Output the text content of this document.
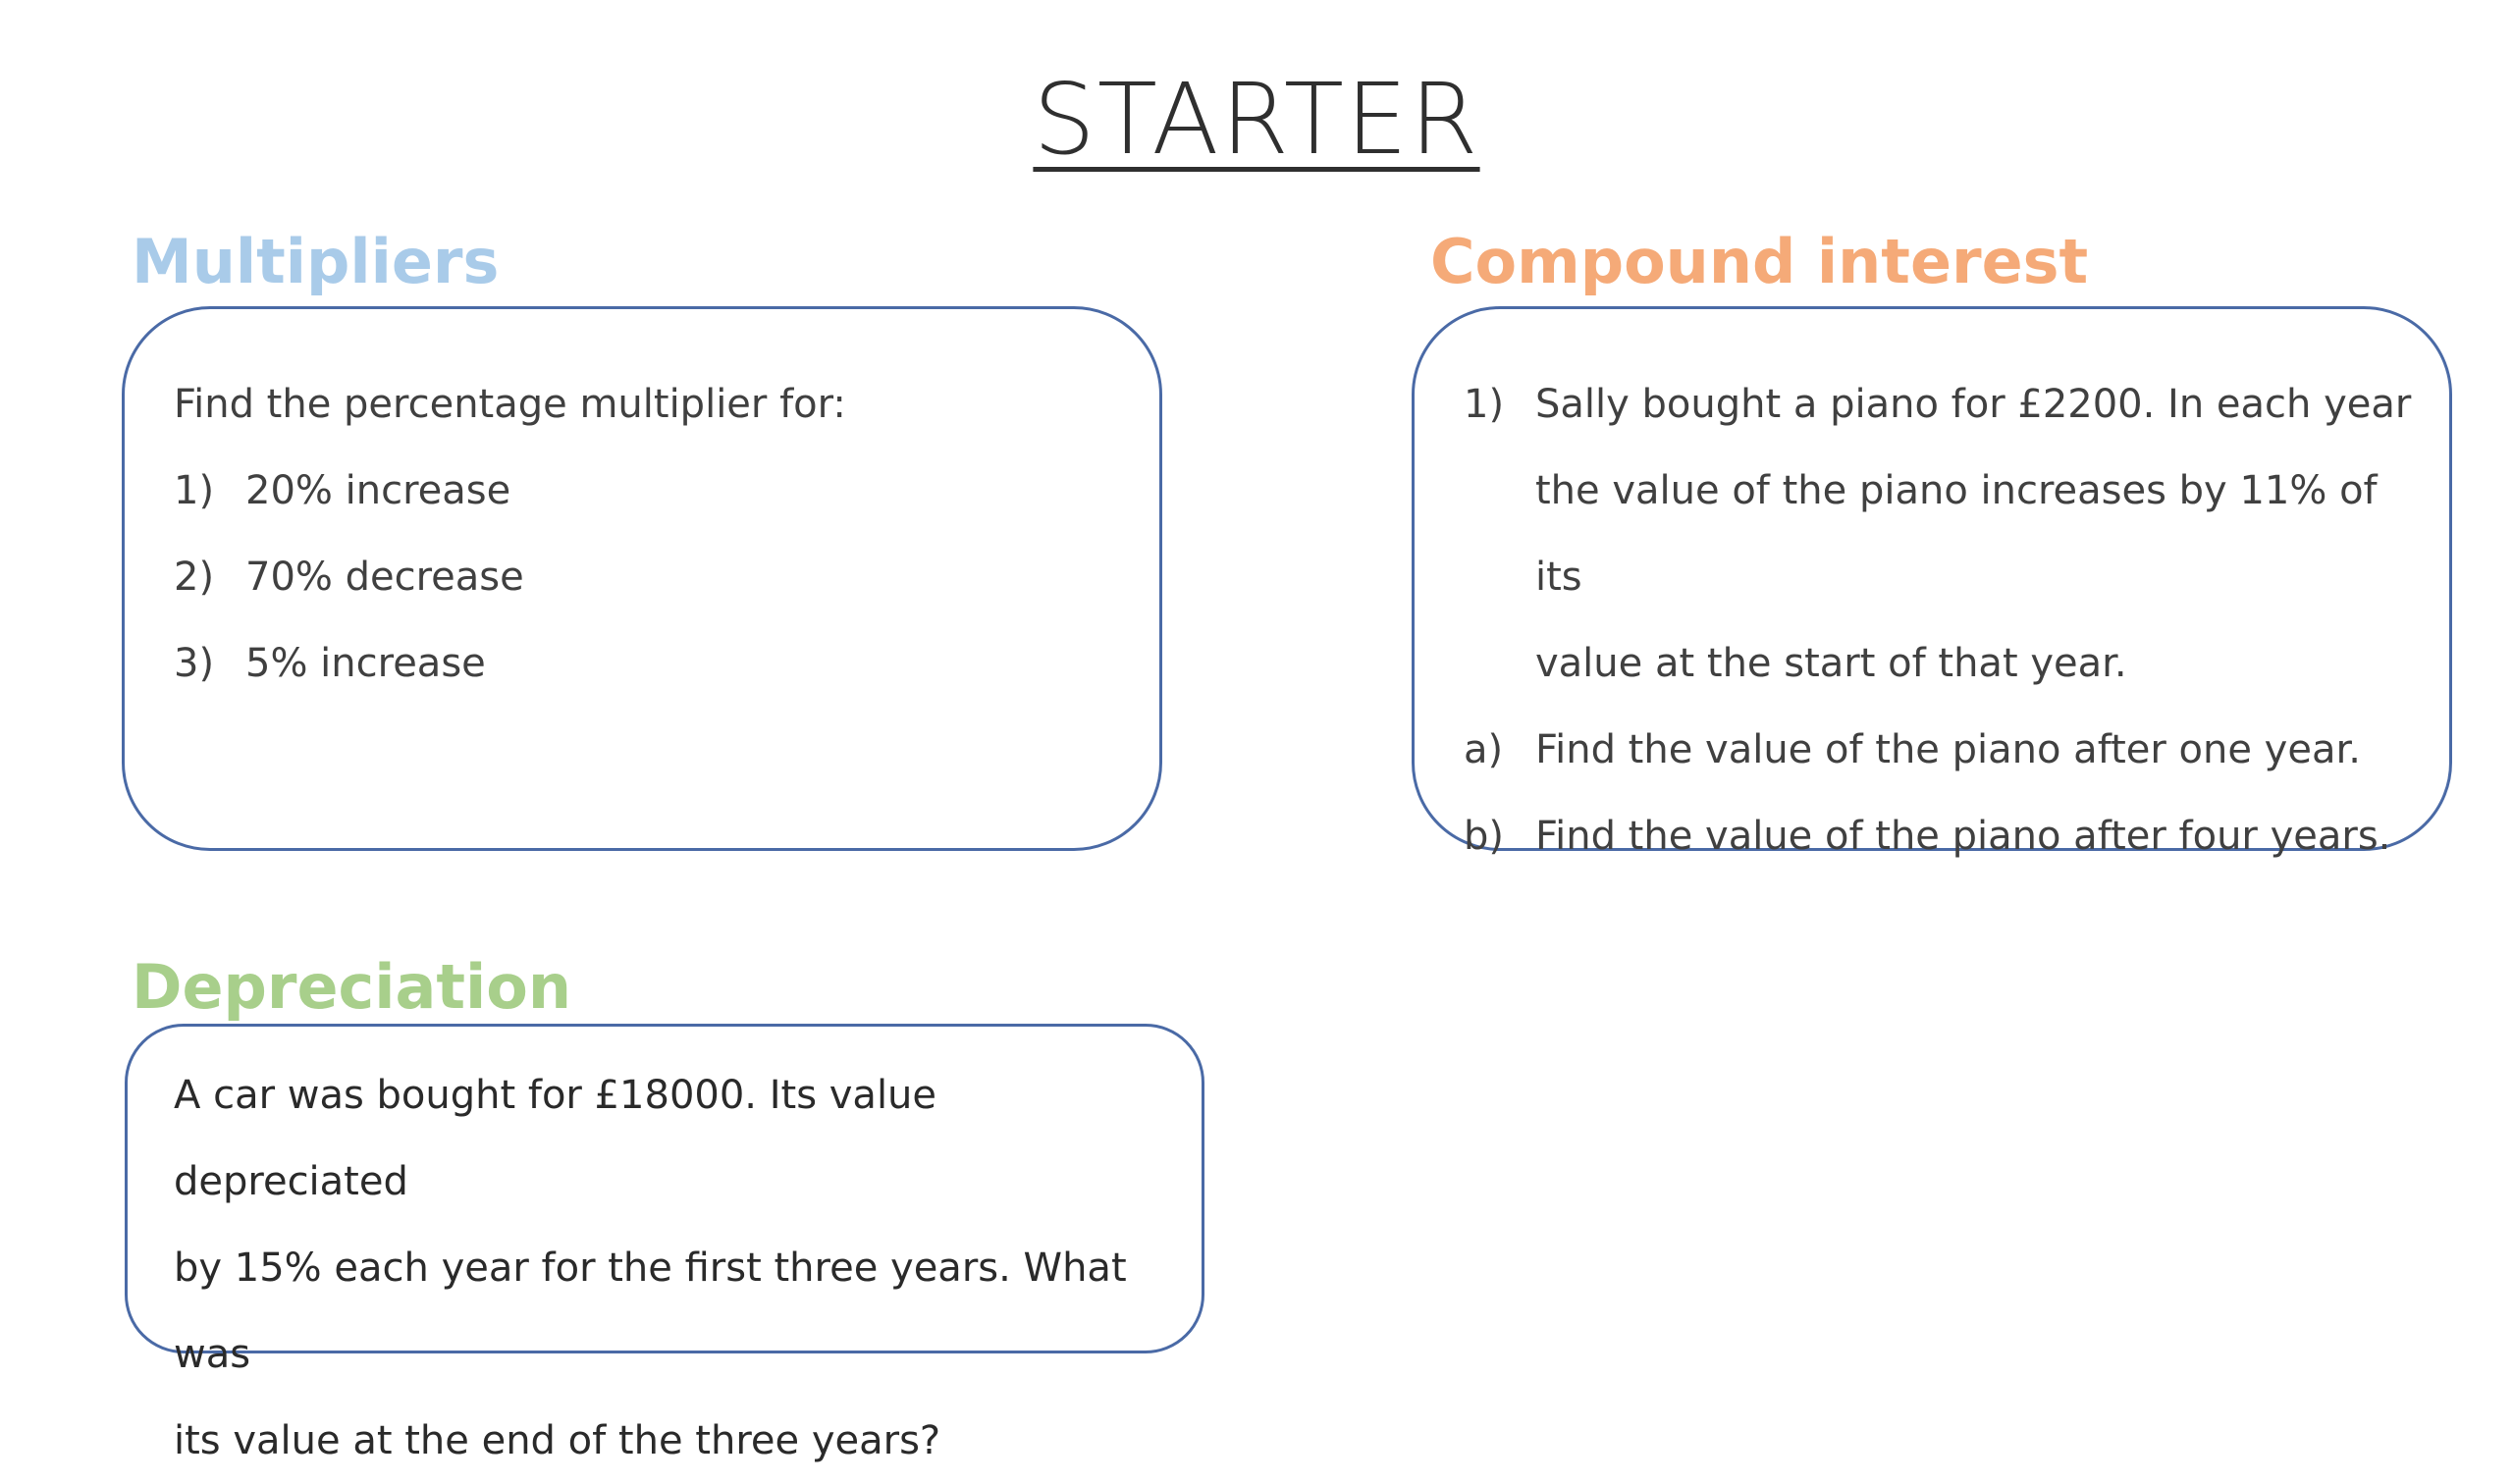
STARTER
Multipliers
Find the percentage multiplier for:
1) 20% increase
2) 70% decrease
3) 5% increase
Compound interest
1) Sally bought a piano for £2200. In each year
the value of the piano increases by 11% of its
value at the start of that year.
a) Find the value of the piano after one year.
b) Find the value of the piano after four years.
Depreciation
A car was bought for £18000. Its value depreciated
by 15% each year for the first three years. What was
its value at the end of the three years?
